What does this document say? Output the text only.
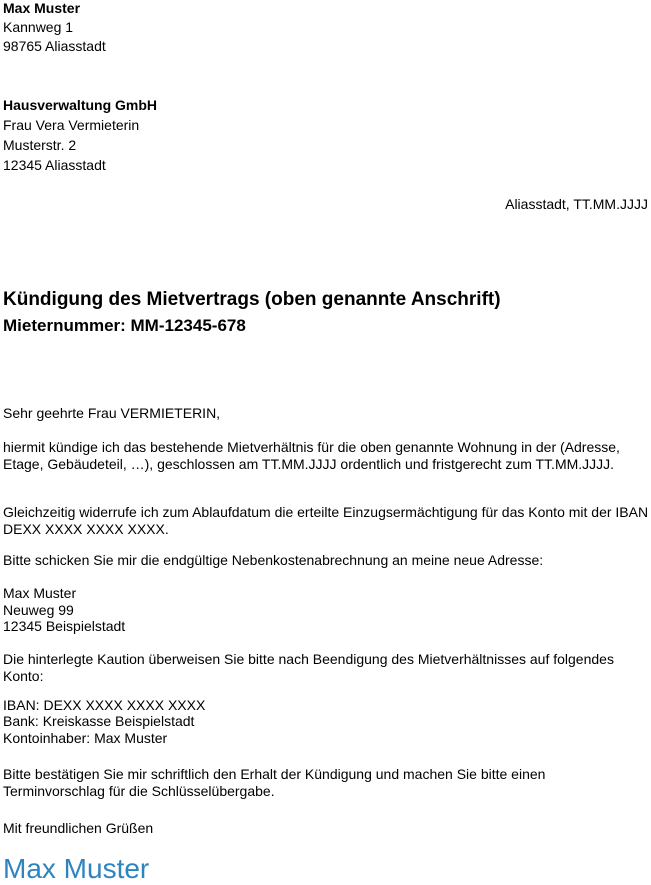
Max Muster
Kannweg 1
98765 Aliasstadt
Hausverwaltung GmbH
Frau Vera Vermieterin
Musterstr. 2
12345 Aliasstadt
Aliasstadt, TT.MM.JJJJ
Kündigung des Mietvertrags (oben genannte Anschrift)
Mieternummer: MM-12345-678
Sehr geehrte Frau VERMIETERIN,
hiermit kündige ich das bestehende Mietverhältnis für die oben genannte Wohnung in der (Adresse, Etage, Gebäudeteil, …), geschlossen am TT.MM.JJJJ ordentlich und fristgerecht zum TT.MM.JJJJ.
Gleichzeitig widerrufe ich zum Ablaufdatum die erteilte Einzugsermächtigung für das Konto mit der IBAN DEXX XXXX XXXX XXXX.
Bitte schicken Sie mir die endgültige Nebenkostenabrechnung an meine neue Adresse:
Max Muster
Neuweg 99
12345 Beispielstadt
Die hinterlegte Kaution überweisen Sie bitte nach Beendigung des Mietverhältnisses auf folgendes Konto:
IBAN: DEXX XXXX XXXX XXXX
Bank: Kreiskasse Beispielstadt
Kontoinhaber: Max Muster
Bitte bestätigen Sie mir schriftlich den Erhalt der Kündigung und machen Sie bitte einen Terminvorschlag für die Schlüsselübergabe.
Mit freundlichen Grüßen
Max Muster
